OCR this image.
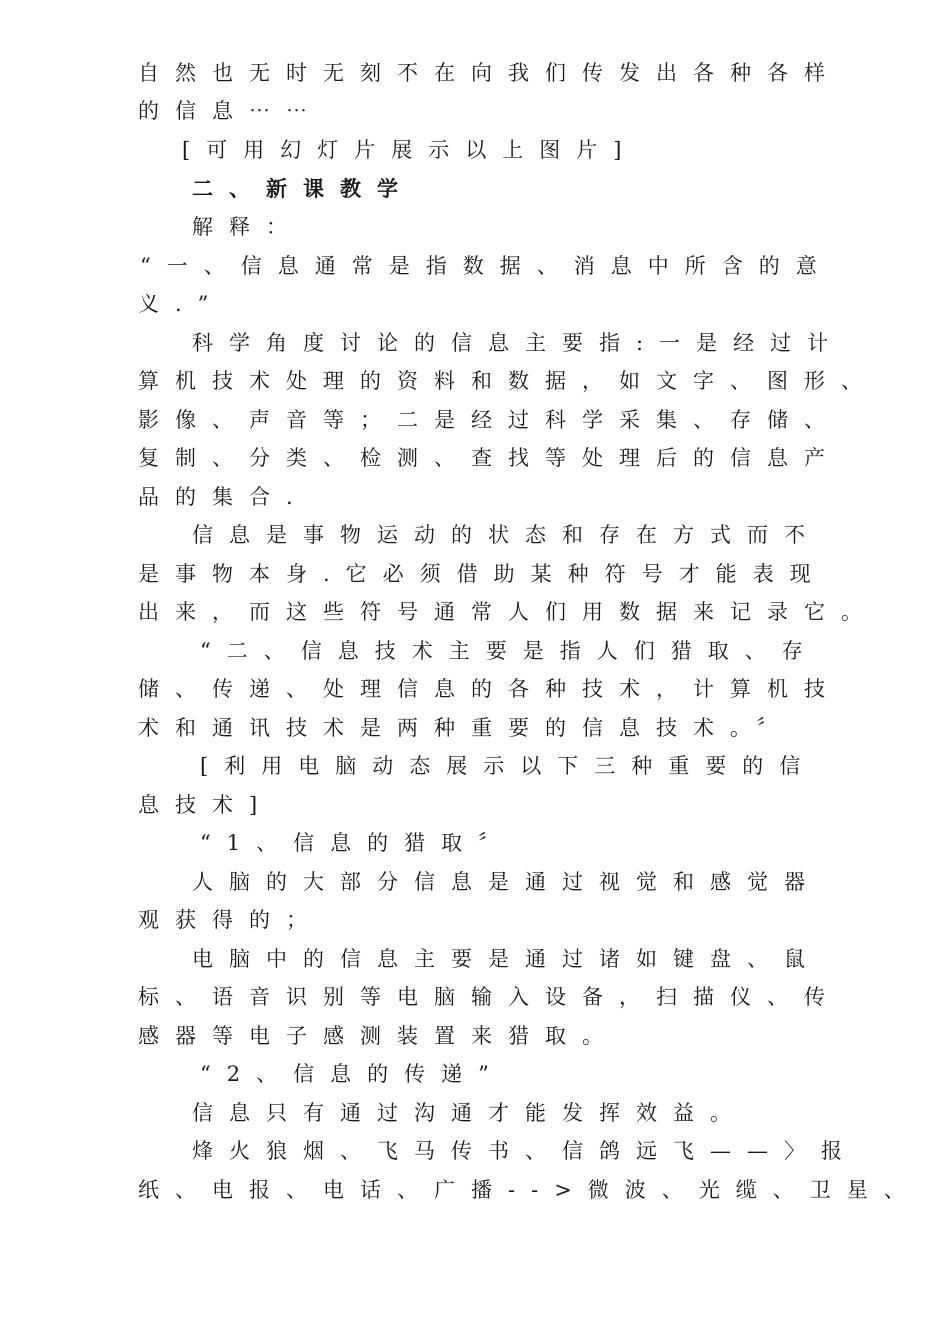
自然也无时无刻不在向我们传发出各种各样
的信息⋯⋯
[可用幻灯片展示以上图片]
二、新课教学
解释：
“一、信息通常是指数据、消息中所含的意
义.”
科学角度讨论的信息主要指:一是经过计
算机技术处理的资料和数据，如文字、图形、
影像、声音等；二是经过科学采集、存储、
复制、分类、检测、查找等处理后的信息产
品的集合.
信息是事物运动的状态和存在方式而不
是事物本身.它必须借助某种符号才能表现
出来，而这些符号通常人们用数据来记录它。
“二、信息技术主要是指人们猎取、存
储、传递、处理信息的各种技术，计算机技
术和通讯技术是两种重要的信息技术。〞
[利用电脑动态展示以下三种重要的信
息技术]
“1、信息的猎取〞
人脑的大部分信息是通过视觉和感觉器
观获得的；
电脑中的信息主要是通过诸如键盘、鼠
标、语音识别等电脑输入设备，扫描仪、传
感器等电子感测装置来猎取。
“2、信息的传递”
信息只有通过沟通才能发挥效益。
烽火狼烟、飞马传书、信鸽远飞——〉报
纸、电报、电话、广播-->微波、光缆、卫星、
